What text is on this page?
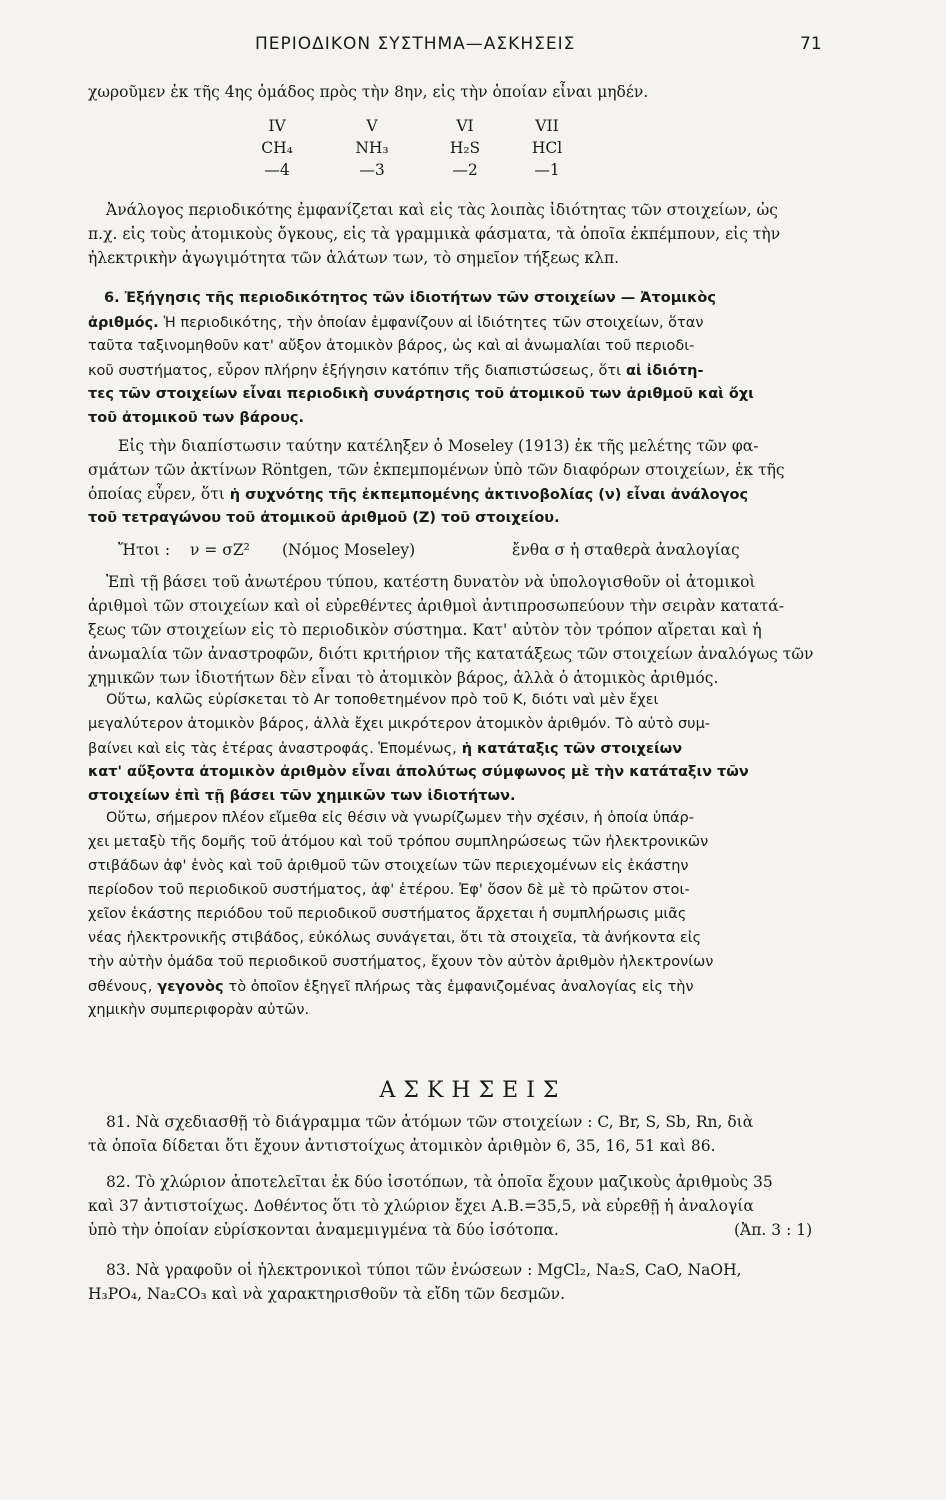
ΠΕΡΙΟΔΙΚΟΝ ΣΥΣΤΗΜΑ—ΑΣΚΗΣΕΙΣ	71
χωροῦμεν ἐκ τῆς 4ης ὁμάδος πρὸς τὴν 8ην, εἰς τὴν ὁποίαν εἶναι μηδέν.
IV	V	VI	VII
CH₄	NH₃	H₂S	HCl
—4	—3	—2	—1
Ἀνάλογος περιοδικότης ἐμφανίζεται καὶ εἰς τὰς λοιπὰς ἰδιότητας τῶν στοιχείων, ὡς
π.χ. εἰς τοὺς ἀτομικοὺς ὄγκους, εἰς τὰ γραμμικὰ φάσματα, τὰ ὁποῖα ἐκπέμπουν, εἰς τὴν
ἠλεκτρικὴν ἀγωγιμότητα τῶν ἁλάτων των, τὸ σημεῖον τήξεως κλπ.
6. Ἐξήγησις τῆς περιοδικότητος τῶν ἰδιοτήτων τῶν στοιχείων — Ἀτομικὸς
ἀριθμός. Ἡ περιοδικότης, τὴν ὁποίαν ἐμφανίζουν αἱ ἰδιότητες τῶν στοιχείων, ὅταν
ταῦτα ταξινομηθοῦν κατ' αὔξον ἀτομικὸν βάρος, ὡς καὶ αἱ ἀνωμαλίαι τοῦ περιοδι-
κοῦ συστήματος, εὗρον πλήρην ἐξήγησιν κατόπιν τῆς διαπιστώσεως, ὅτι αἱ ἰδιότη-
τες τῶν στοιχείων εἶναι περιοδικὴ συνάρτησις τοῦ ἀτομικοῦ των ἀριθμοῦ καὶ ὄχι
τοῦ ἀτομικοῦ των βάρους.
Εἰς τὴν διαπίστωσιν ταύτην κατέληξεν ὁ Moseley (1913) ἐκ τῆς μελέτης τῶν φα-
σμάτων τῶν ἀκτίνων Röntgen, τῶν ἐκπεμπομένων ὑπὸ τῶν διαφόρων στοιχείων, ἐκ τῆς
ὁποίας εὗρεν, ὅτι ἡ συχνότης τῆς ἐκπεμπομένης ἀκτινοβολίας (ν) εἶναι ἀνάλογος
τοῦ τετραγώνου τοῦ ἀτομικοῦ ἀριθμοῦ (Ζ) τοῦ στοιχείου.
Ἤτοι : ν = σZ² (Νόμος Moseley)	ἔνθα σ ἡ σταθερὰ ἀναλογίας
Ἐπὶ τῇ βάσει τοῦ ἀνωτέρου τύπου, κατέστη δυνατὸν νὰ ὑπολογισθοῦν οἱ ἀτομικοὶ
ἀριθμοὶ τῶν στοιχείων καὶ οἱ εὑρεθέντες ἀριθμοὶ ἀντιπροσωπεύουν τὴν σειρὰν κατατά-
ξεως τῶν στοιχείων εἰς τὸ περιοδικὸν σύστημα. Κατ' αὐτὸν τὸν τρόπον αἴρεται καὶ ἡ
ἀνωμαλία τῶν ἀναστροφῶν, διότι κριτήριον τῆς κατατάξεως τῶν στοιχείων ἀναλόγως τῶν
χημικῶν των ἰδιοτήτων δὲν εἶναι τὸ ἀτομικὸν βάρος, ἀλλὰ ὁ ἀτομικὸς ἀριθμός.
Οὕτω, καλῶς εὑρίσκεται τὸ Ar τοποθετημένον πρὸ τοῦ K, διότι ναὶ μὲν ἔχει
μεγαλύτερον ἀτομικὸν βάρος, ἀλλὰ ἔχει μικρότερον ἀτομικὸν ἀριθμόν. Τὸ αὐτὸ συμ-
βαίνει καὶ εἰς τὰς ἑτέρας ἀναστροφάς. Ἑπομένως, ἡ κατάταξις τῶν στοιχείων
κατ' αὔξοντα ἀτομικὸν ἀριθμὸν εἶναι ἀπολύτως σύμφωνος μὲ τὴν κατάταξιν τῶν
στοιχείων ἐπὶ τῇ βάσει τῶν χημικῶν των ἰδιοτήτων.
Οὕτω, σήμερον πλέον εἴμεθα εἰς θέσιν νὰ γνωρίζωμεν τὴν σχέσιν, ἡ ὁποία ὑπάρ-
χει μεταξὺ τῆς δομῆς τοῦ ἀτόμου καὶ τοῦ τρόπου συμπληρώσεως τῶν ἠλεκτρονικῶν
στιβάδων ἀφ' ἑνὸς καὶ τοῦ ἀριθμοῦ τῶν στοιχείων τῶν περιεχομένων εἰς ἑκάστην
περίοδον τοῦ περιοδικοῦ συστήματος, ἀφ' ἑτέρου. Ἐφ' ὅσον δὲ μὲ τὸ πρῶτον στοι-
χεῖον ἑκάστης περιόδου τοῦ περιοδικοῦ συστήματος ἄρχεται ἡ συμπλήρωσις μιᾶς
νέας ἠλεκτρονικῆς στιβάδος, εὐκόλως συνάγεται, ὅτι τὰ στοιχεῖα, τὰ ἀνήκοντα εἰς
τὴν αὐτὴν ὁμάδα τοῦ περιοδικοῦ συστήματος, ἔχουν τὸν αὐτὸν ἀριθμὸν ἠλεκτρονίων
σθένους, γεγονὸς τὸ ὁποῖον ἐξηγεῖ πλήρως τὰς ἐμφανιζομένας ἀναλογίας εἰς τὴν
χημικὴν συμπεριφορὰν αὐτῶν.
ΑΣΚΗΣΕΙΣ
81. Νὰ σχεδιασθῇ τὸ διάγραμμα τῶν ἀτόμων τῶν στοιχείων : C, Br, S, Sb, Rn, διὰ
τὰ ὁποῖα δίδεται ὅτι ἔχουν ἀντιστοίχως ἀτομικὸν ἀριθμὸν 6, 35, 16, 51 καὶ 86.
82. Τὸ χλώριον ἀποτελεῖται ἐκ δύο ἰσοτόπων, τὰ ὁποῖα ἔχουν μαζικοὺς ἀριθμοὺς 35
καὶ 37 ἀντιστοίχως. Δοθέντος ὅτι τὸ χλώριον ἔχει Α.Β.=35,5, νὰ εὑρεθῇ ἡ ἀναλογία
ὑπὸ τὴν ὁποίαν εὑρίσκονται ἀναμεμιγμένα τὰ δύο ἰσότοπα.	(Ἀπ. 3 : 1)
83. Νὰ γραφοῦν οἱ ἠλεκτρονικοὶ τύποι τῶν ἑνώσεων : MgCl₂, Na₂S, CaO, NaOH,
H₃PO₄, Na₂CO₃ καὶ νὰ χαρακτηρισθοῦν τὰ εἴδη τῶν δεσμῶν.
